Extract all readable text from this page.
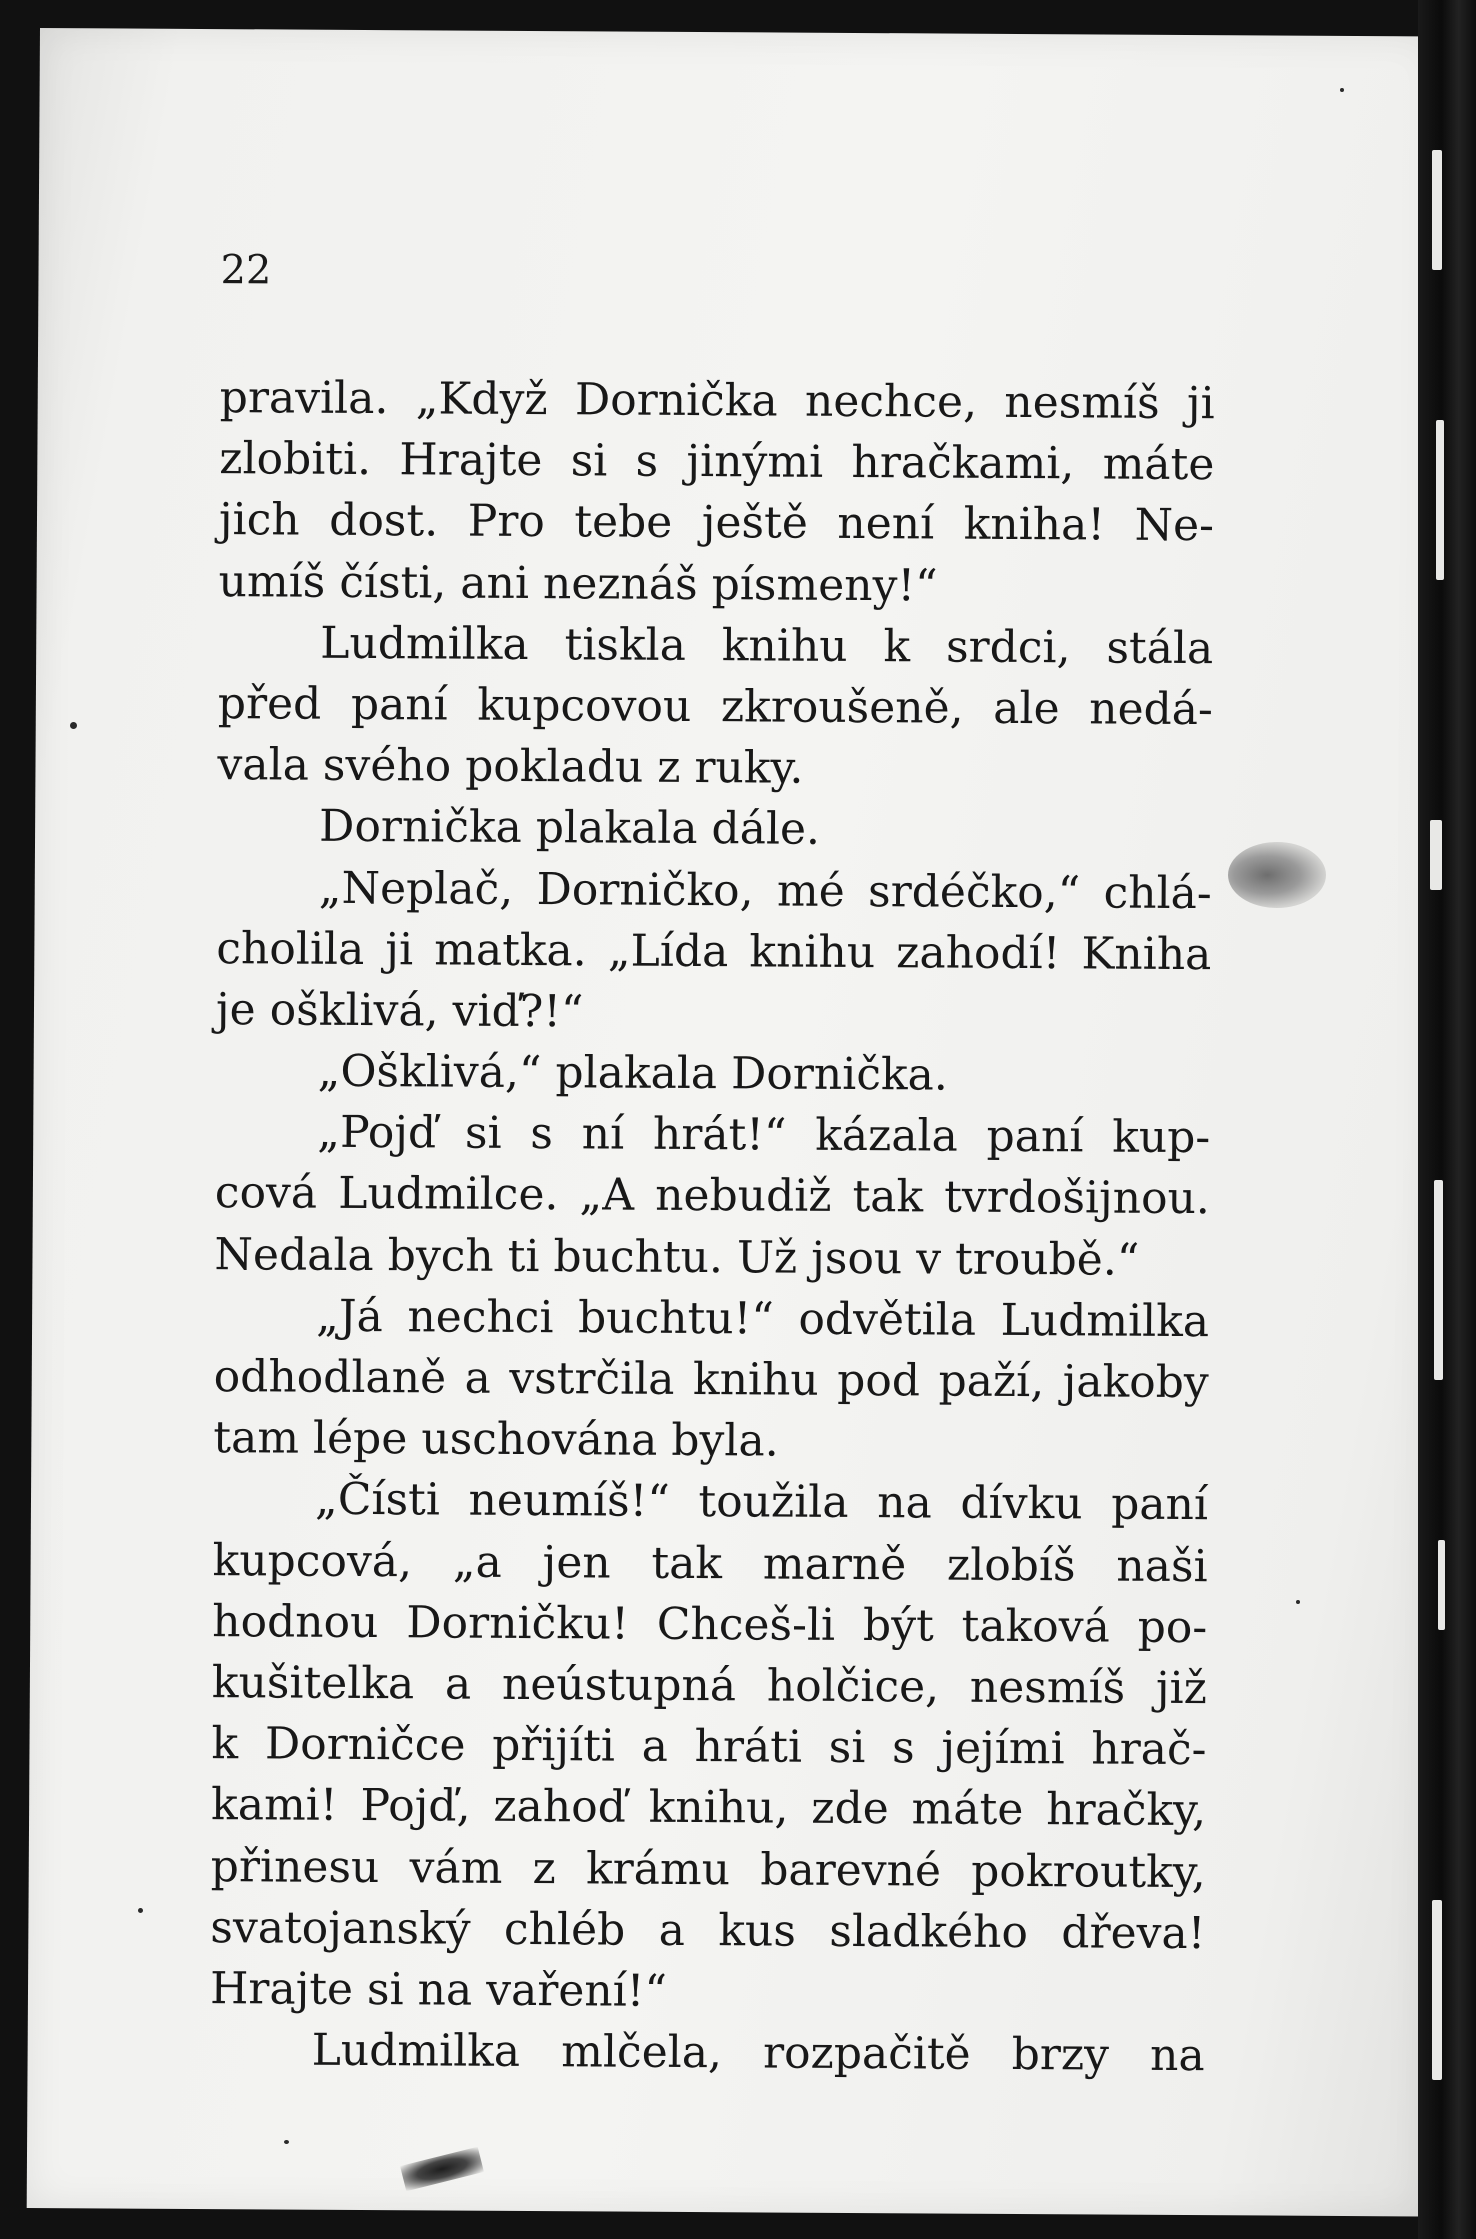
22
pravila. „Když Dornička nechce, nesmíš ji
zlobiti. Hrajte si s jinými hračkami, máte
jich dost. Pro tebe ještě není kniha! Ne-
umíš čísti, ani neznáš písmeny!“
Ludmilka tiskla knihu k srdci, stála
před paní kupcovou zkroušeně, ale nedá-
vala svého pokladu z ruky.
Dornička plakala dále.
„Neplač, Dorničko, mé srdéčko,“ chlá-
cholila ji matka. „Lída knihu zahodí! Kniha
je ošklivá, viď?!“
„Ošklivá,“ plakala Dornička.
„Pojď si s ní hrát!“ kázala paní kup-
cová Ludmilce. „A nebudiž tak tvrdošijnou.
Nedala bych ti buchtu. Už jsou v troubě.“
„Já nechci buchtu!“ odvětila Ludmilka
odhodlaně a vstrčila knihu pod paží, jakoby
tam lépe uschována byla.
„Čísti neumíš!“ toužila na dívku paní
kupcová, „a jen tak marně zlobíš naši
hodnou Dorničku! Chceš-li být taková po-
kušitelka a neústupná holčice, nesmíš již
k Dorničce přijíti a hráti si s jejími hrač-
kami! Pojď, zahoď knihu, zde máte hračky,
přinesu vám z krámu barevné pokroutky,
svatojanský chléb a kus sladkého dřeva!
Hrajte si na vaření!“
Ludmilka mlčela, rozpačitě brzy na
